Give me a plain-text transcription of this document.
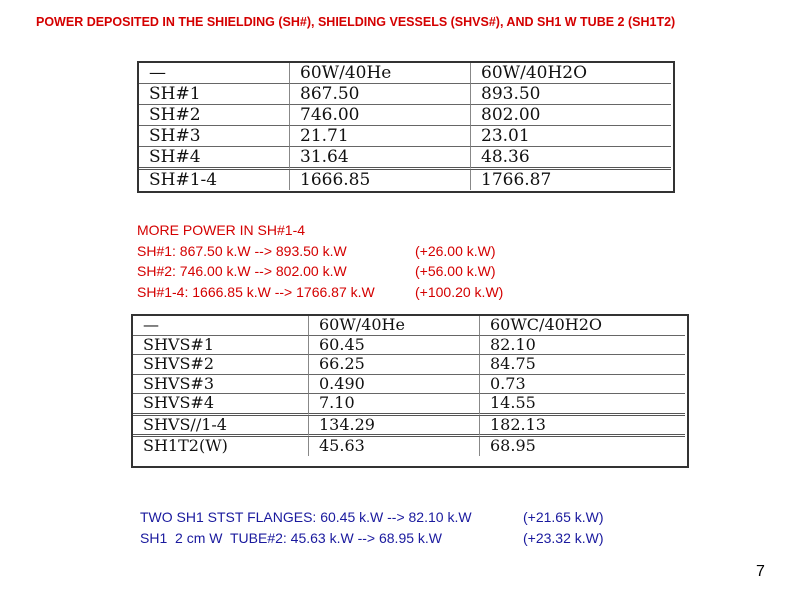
POWER DEPOSITED IN THE SHIELDING (SH#), SHIELDING VESSELS (SHVS#), AND SH1 W TUBE 2 (SH1T2)
—	60W/40He	60W/40H2O
SH#1	867.50	893.50
SH#2	746.00	802.00
SH#3	21.71	23.01
SH#4	31.64	48.36
SH#1-4	1666.85	1766.87
MORE POWER IN SH#1-4
SH#1: 867.50 k.W --> 893.50 k.W	(+26.00 k.W)
SH#2: 746.00 k.W --> 802.00 k.W	(+56.00 k.W)
SH#1-4: 1666.85 k.W --> 1766.87 k.W	(+100.20 k.W)
—	60W/40He	60WC/40H2O
SHVS#1	60.45	82.10
SHVS#2	66.25	84.75
SHVS#3	0.490	0.73
SHVS#4	7.10	14.55
SHVS//1-4	134.29	182.13
SH1T2(W)	45.63	68.95
TWO SH1 STST FLANGES: 60.45 k.W --> 82.10 k.W	(+21.65 k.W)
SH1  2 cm W  TUBE#2: 45.63 k.W --> 68.95 k.W	(+23.32 k.W)
7
